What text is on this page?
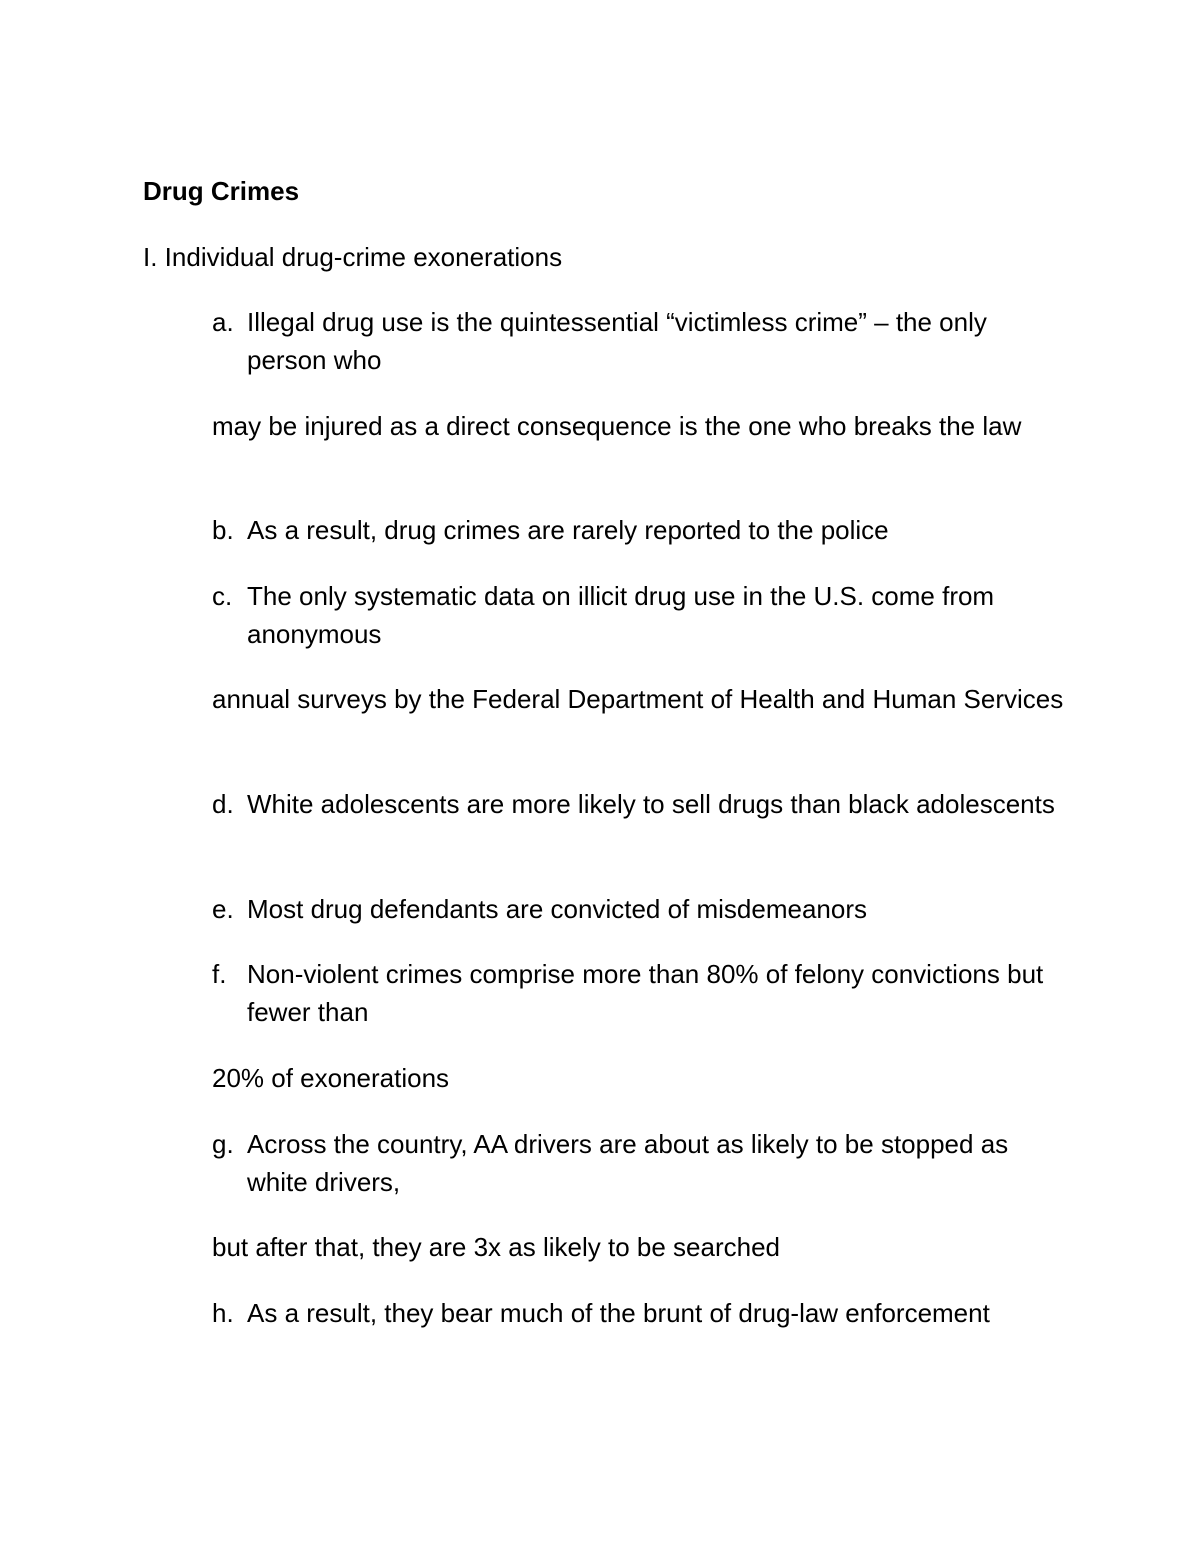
Drug Crimes

I. Individual drug-crime exonerations

a. Illegal drug use is the quintessential “victimless crime” – the only person who

may be injured as a direct consequence is the one who breaks the law

b. As a result, drug crimes are rarely reported to the police
c. The only systematic data on illicit drug use in the U.S. come from anonymous

annual surveys by the Federal Department of Health and Human Services

d. White adolescents are more likely to sell drugs than black adolescents
e. Most drug defendants are convicted of misdemeanors
f. Non-violent crimes comprise more than 80% of felony convictions but fewer than

20% of exonerations

g. Across the country, AA drivers are about as likely to be stopped as white drivers,

but after that, they are 3x as likely to be searched

h. As a result, they bear much of the brunt of drug-law enforcement
